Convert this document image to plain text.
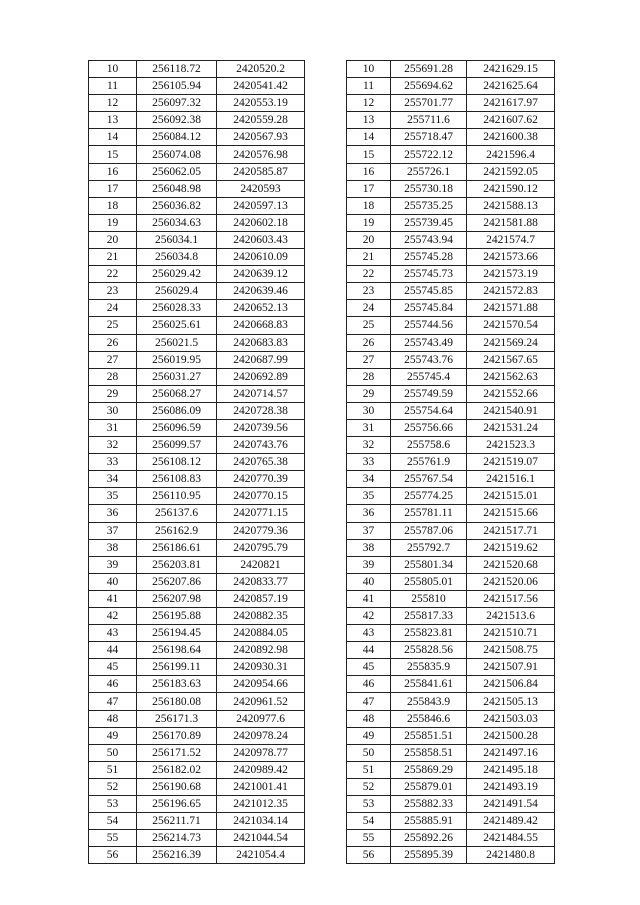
10	256118.72	2420520.2
11	256105.94	2420541.42
12	256097.32	2420553.19
13	256092.38	2420559.28
14	256084.12	2420567.93
15	256074.08	2420576.98
16	256062.05	2420585.87
17	256048.98	2420593
18	256036.82	2420597.13
19	256034.63	2420602.18
20	256034.1	2420603.43
21	256034.8	2420610.09
22	256029.42	2420639.12
23	256029.4	2420639.46
24	256028.33	2420652.13
25	256025.61	2420668.83
26	256021.5	2420683.83
27	256019.95	2420687.99
28	256031.27	2420692.89
29	256068.27	2420714.57
30	256086.09	2420728.38
31	256096.59	2420739.56
32	256099.57	2420743.76
33	256108.12	2420765.38
34	256108.83	2420770.39
35	256110.95	2420770.15
36	256137.6	2420771.15
37	256162.9	2420779.36
38	256186.61	2420795.79
39	256203.81	2420821
40	256207.86	2420833.77
41	256207.98	2420857.19
42	256195.88	2420882.35
43	256194.45	2420884.05
44	256198.64	2420892.98
45	256199.11	2420930.31
46	256183.63	2420954.66
47	256180.08	2420961.52
48	256171.3	2420977.6
49	256170.89	2420978.24
50	256171.52	2420978.77
51	256182.02	2420989.42
52	256190.68	2421001.41
53	256196.65	2421012.35
54	256211.71	2421034.14
55	256214.73	2421044.54
56	256216.39	2421054.4
10	255691.28	2421629.15
11	255694.62	2421625.64
12	255701.77	2421617.97
13	255711.6	2421607.62
14	255718.47	2421600.38
15	255722.12	2421596.4
16	255726.1	2421592.05
17	255730.18	2421590.12
18	255735.25	2421588.13
19	255739.45	2421581.88
20	255743.94	2421574.7
21	255745.28	2421573.66
22	255745.73	2421573.19
23	255745.85	2421572.83
24	255745.84	2421571.88
25	255744.56	2421570.54
26	255743.49	2421569.24
27	255743.76	2421567.65
28	255745.4	2421562.63
29	255749.59	2421552.66
30	255754.64	2421540.91
31	255756.66	2421531.24
32	255758.6	2421523.3
33	255761.9	2421519.07
34	255767.54	2421516.1
35	255774.25	2421515.01
36	255781.11	2421515.66
37	255787.06	2421517.71
38	255792.7	2421519.62
39	255801.34	2421520.68
40	255805.01	2421520.06
41	255810	2421517.56
42	255817.33	2421513.6
43	255823.81	2421510.71
44	255828.56	2421508.75
45	255835.9	2421507.91
46	255841.61	2421506.84
47	255843.9	2421505.13
48	255846.6	2421503.03
49	255851.51	2421500.28
50	255858.51	2421497.16
51	255869.29	2421495.18
52	255879.01	2421493.19
53	255882.33	2421491.54
54	255885.91	2421489.42
55	255892.26	2421484.55
56	255895.39	2421480.8
